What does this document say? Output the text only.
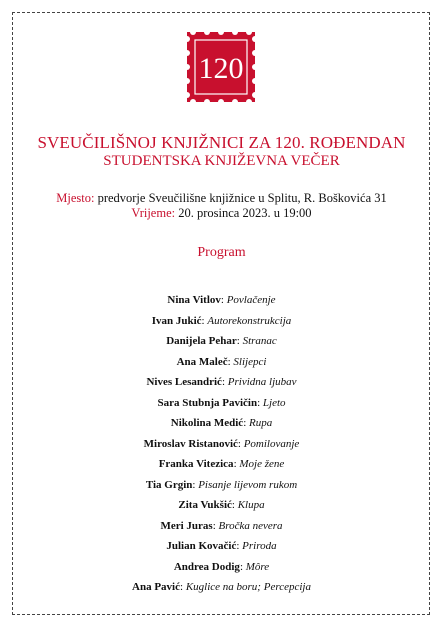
120
SVEUČILIŠNOJ KNJIŽNICI ZA 120. ROĐENDAN
STUDENTSKA KNJIŽEVNA VEČER
Mjesto: predvorje Sveučilišne knjižnice u Splitu, R. Boškovića 31
Vrijeme: 20. prosinca 2023. u 19:00
Program
Nina Vitlov: Povlačenje
Ivan Jukić: Autorekonstrukcija
Danijela Pehar: Stranac
Ana Maleč: Slijepci
Nives Lesandrić: Prividna ljubav
Sara Stubnja Pavičin: Ljeto
Nikolina Medić: Rupa
Miroslav Ristanović: Pomilovanje
Franka Vitezica: Moje žene
Tia Grgin: Pisanje lijevom rukom
Zita Vukšić: Klupa
Meri Juras: Bročka nevera
Julian Kovačić: Priroda
Andrea Dodig: Môre
Ana Pavić: Kuglice na boru; Percepcija
